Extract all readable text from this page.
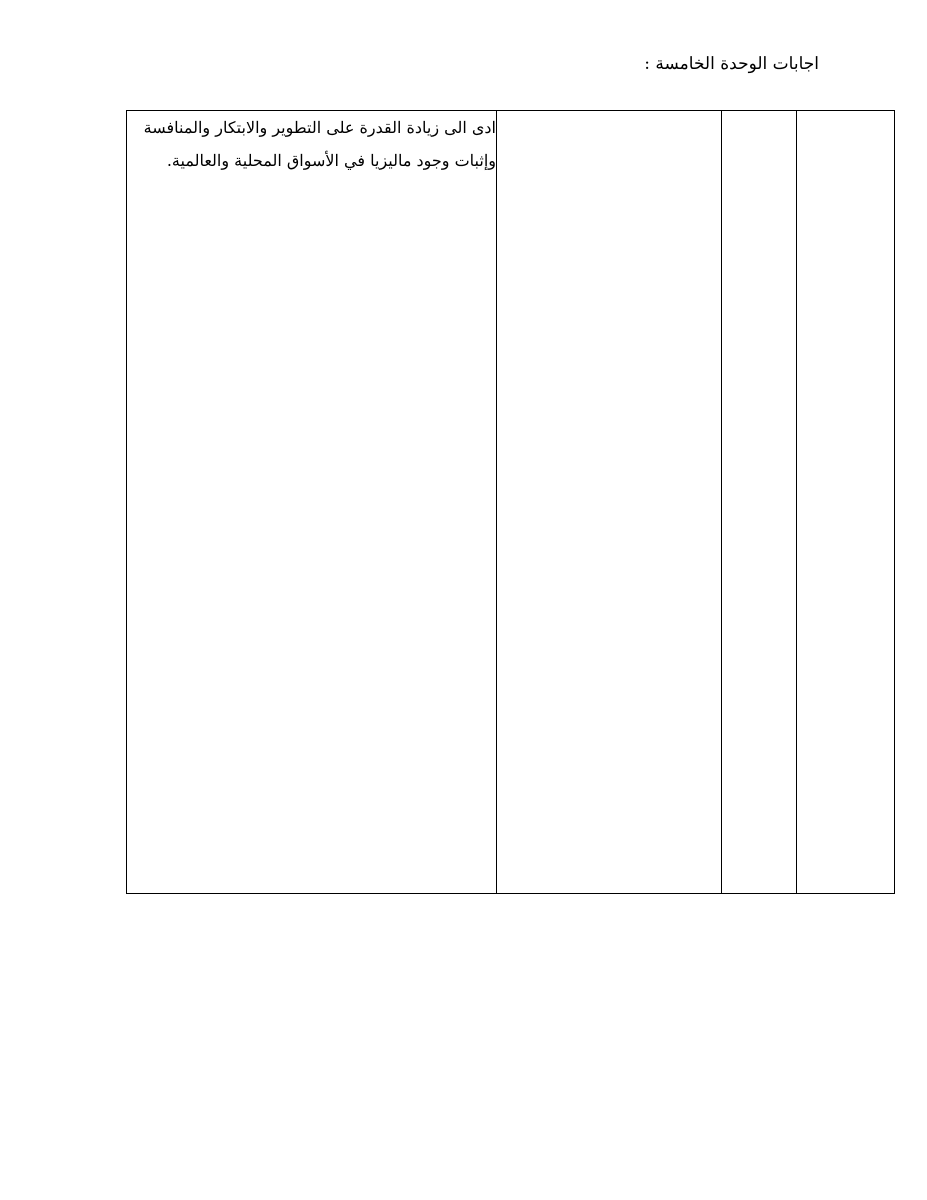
اجابات الوحدة الخامسة :

ادى الى زيادة القدرة على التطوير والابتكار والمنافسة

وإثبات وجود ماليزيا في الأسواق المحلية والعالمية.
